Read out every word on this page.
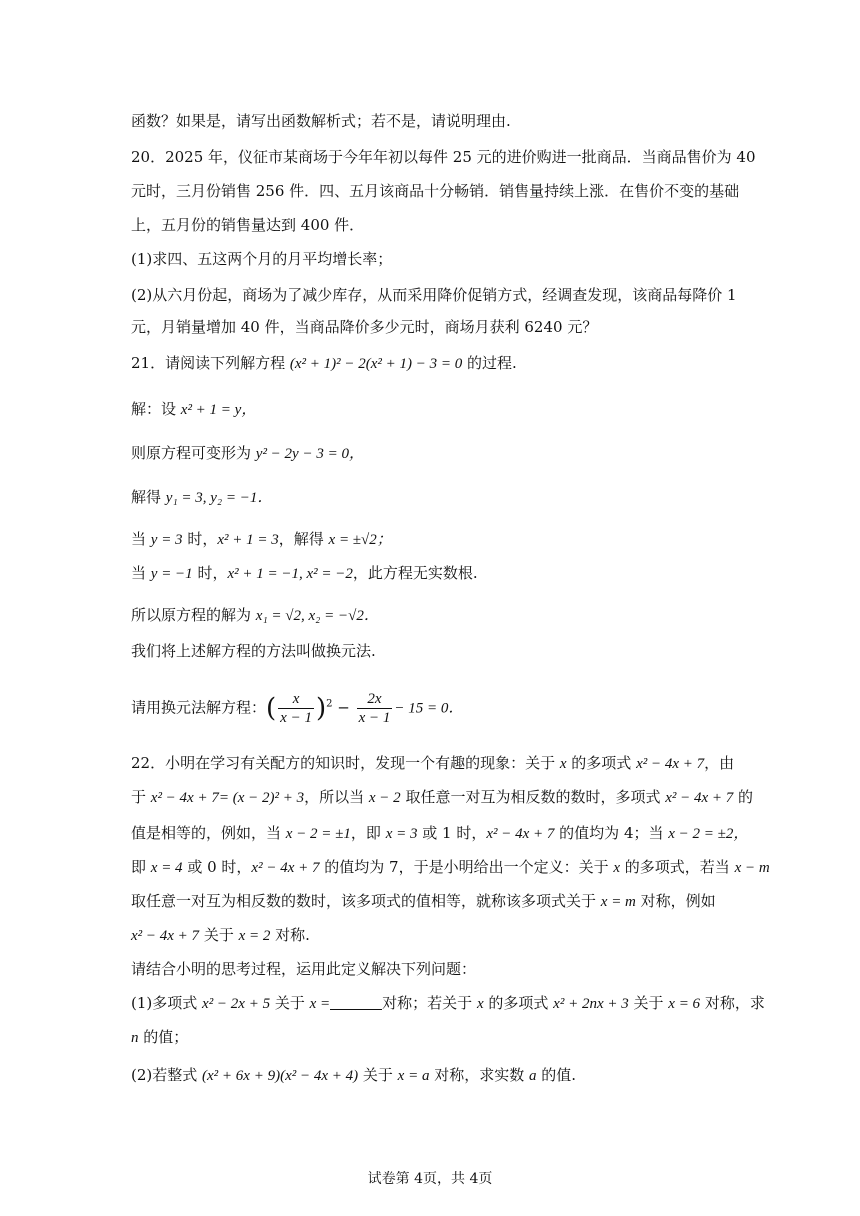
函数？如果是，请写出函数解析式；若不是，请说明理由.
20．2025 年，仪征市某商场于今年年初以每件 25 元的进价购进一批商品．当商品售价为 40
元时，三月份销售 256 件．四、五月该商品十分畅销．销售量持续上涨．在售价不变的基础
上，五月份的销售量达到 400 件．
(1)求四、五这两个月的月平均增长率；
(2)从六月份起，商场为了减少库存，从而采用降价促销方式，经调查发现，该商品每降价 1
元，月销量增加 40 件，当商品降价多少元时，商场月获利 6240 元？
21．请阅读下列解方程 (x² + 1)² − 2(x² + 1) − 3 = 0 的过程.
解：设 x² + 1 = y，
则原方程可变形为 y² − 2y − 3 = 0，
解得 y₁ = 3, y₂ = −1．
当 y = 3 时，x² + 1 = 3，解得 x = ±√2；
当 y = −1 时，x² + 1 = −1, x² = −2，此方程无实数根.
所以原方程的解为 x₁ = √2, x₂ = −√2．
我们将上述解方程的方法叫做换元法.
请用换元法解方程：( $\frac{x}{x - 1} )^2 - \frac{2x}{x - 1} - 15 = 0$．
22．小明在学习有关配方的知识时，发现一个有趣的现象：关于 x 的多项式 x² − 4x + 7，由
于 x² − 4x + 7= (x − 2)² + 3，所以当 x − 2 取任意一对互为相反数的数时，多项式 x² − 4x + 7 的
值是相等的，例如，当 x − 2 = ±1，即 x = 3 或 1 时，x² − 4x + 7 的值均为 4；当 x − 2 = ±2，
即 x = 4 或 0 时，x² − 4x + 7 的值均为 7，于是小明给出一个定义：关于 x 的多项式，若当 x − m
取任意一对互为相反数的数时，该多项式的值相等，就称该多项式关于 x = m 对称，例如
x² − 4x + 7 关于 x = 2 对称.
请结合小明的思考过程，运用此定义解决下列问题：
(1)多项式 x² − 2x + 5 关于 x =	对称；若关于 x 的多项式 x² + 2nx + 3 关于 x = 6 对称，求
n 的值；
(2)若整式 (x² + 6x + 9)(x² − 4x + 4) 关于 x = a 对称，求实数 a 的值.
试卷第 4页，共 4页
